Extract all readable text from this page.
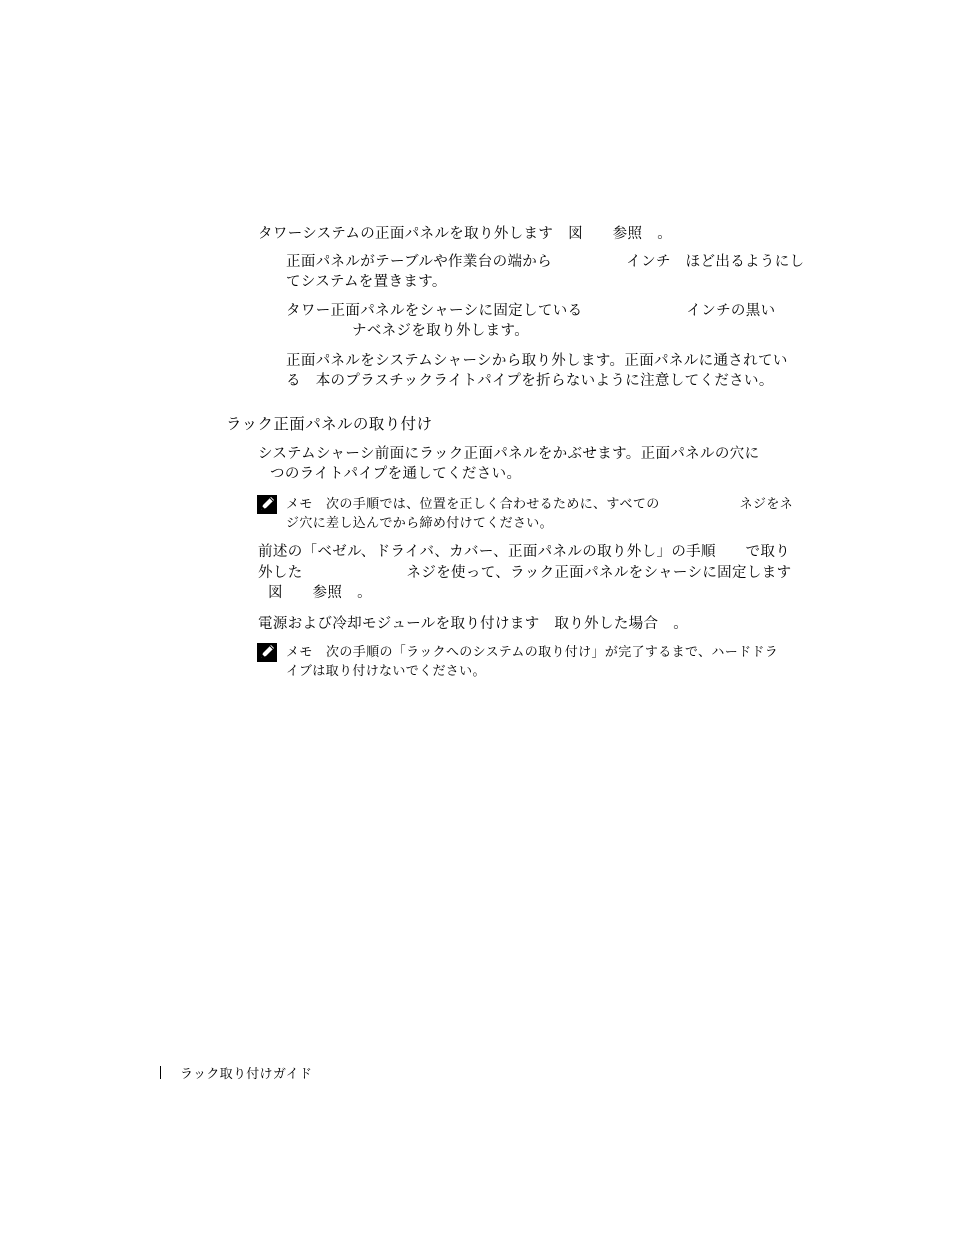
タワーシステムの正面パネルを取り外します　図　　参照　。
正面パネルがテーブルや作業台の端から　　　　　インチ　ほど出るようにし
てシステムを置きます。
タワー正面パネルをシャーシに固定している　　　　　　　インチの黒い
ナベネジを取り外します。
正面パネルをシステムシャーシから取り外します。正面パネルに通されてい
る　本のプラスチックライトパイプを折らないように注意してください。
ラック正面パネルの取り付け
システムシャーシ前面にラック正面パネルをかぶせます。正面パネルの穴に
つのライトパイプを通してください。
メモ　次の手順では、位置を正しく合わせるために、すべての　　　　　　ネジをネ
ジ穴に差し込んでから締め付けてください。
前述の「ベゼル、ドライバ、カバー、正面パネルの取り外し」の手順　　で取り
外した　　　　　　　ネジを使って、ラック正面パネルをシャーシに固定します
図　　参照　。
電源および冷却モジュールを取り付けます　取り外した場合　。
メモ　次の手順の「ラックへのシステムの取り付け」が完了するまで、ハードドラ
イブは取り付けないでください。
ラック取り付けガイド
